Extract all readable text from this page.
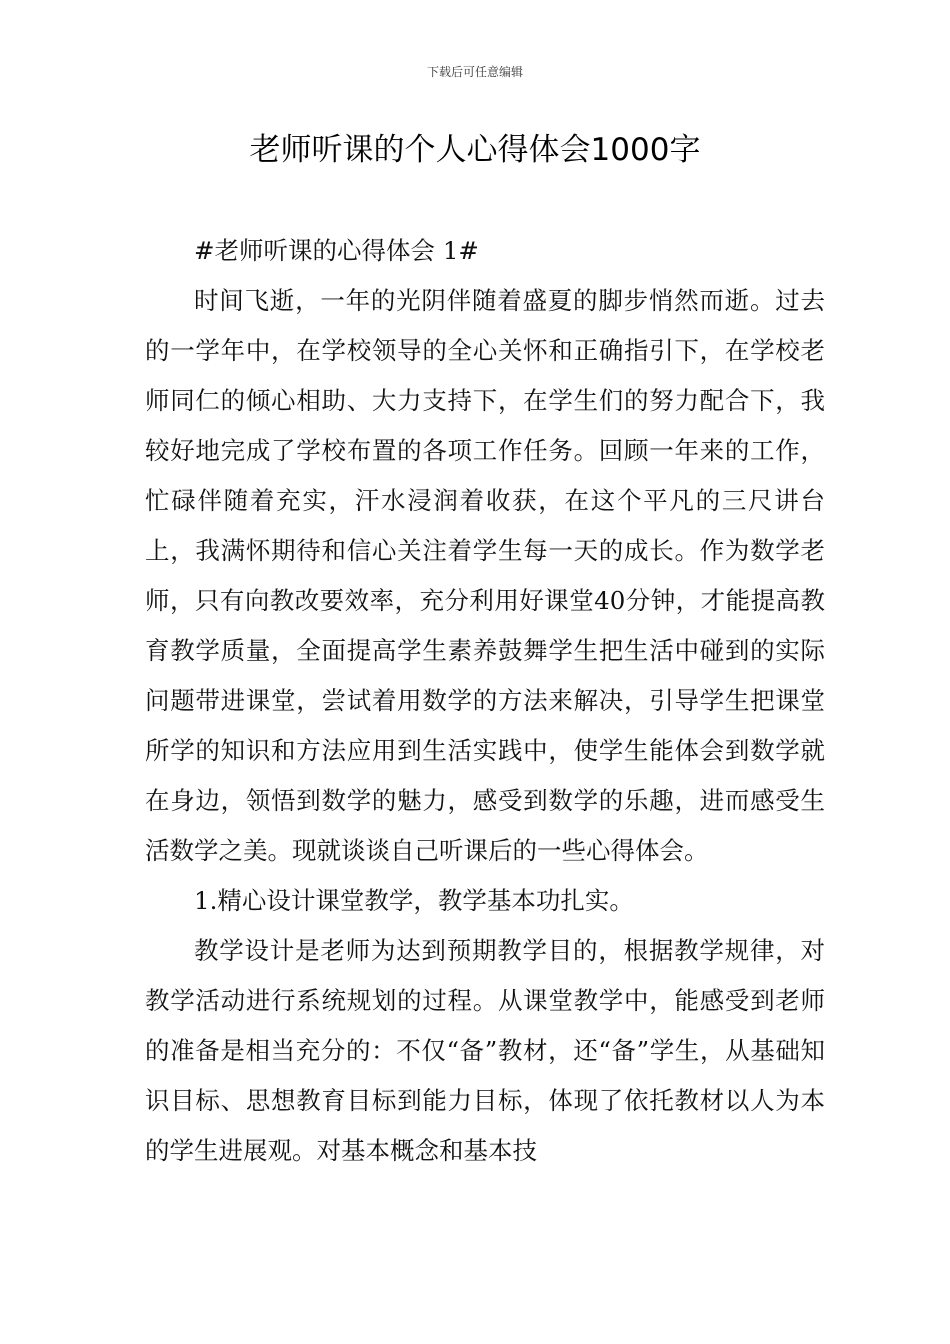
下载后可任意编辑
老师听课的个人心得体会1000字

#老师听课的心得体会 1#

时间飞逝，一年的光阴伴随着盛夏的脚步悄然而逝。过去的一学年中，在学校领导的全心关怀和正确指引下，在学校老师同仁的倾心相助、大力支持下，在学生们的努力配合下，我较好地完成了学校布置的各项工作任务。回顾一年来的工作，忙碌伴随着充实，汗水浸润着收获，在这个平凡的三尺讲台上，我满怀期待和信心关注着学生每一天的成长。作为数学老师，只有向教改要效率，充分利用好课堂40分钟，才能提高教育教学质量，全面提高学生素养鼓舞学生把生活中碰到的实际问题带进课堂，尝试着用数学的方法来解决，引导学生把课堂所学的知识和方法应用到生活实践中，使学生能体会到数学就在身边，领悟到数学的魅力，感受到数学的乐趣，进而感受生活数学之美。现就谈谈自己听课后的一些心得体会。

1.精心设计课堂教学，教学基本功扎实。

教学设计是老师为达到预期教学目的，根据教学规律，对教学活动进行系统规划的过程。从课堂教学中，能感受到老师的准备是相当充分的：不仅“备”教材，还“备”学生，从基础知识目标、思想教育目标到能力目标，体现了依托教材以人为本的学生进展观。对基本概念和基本技
